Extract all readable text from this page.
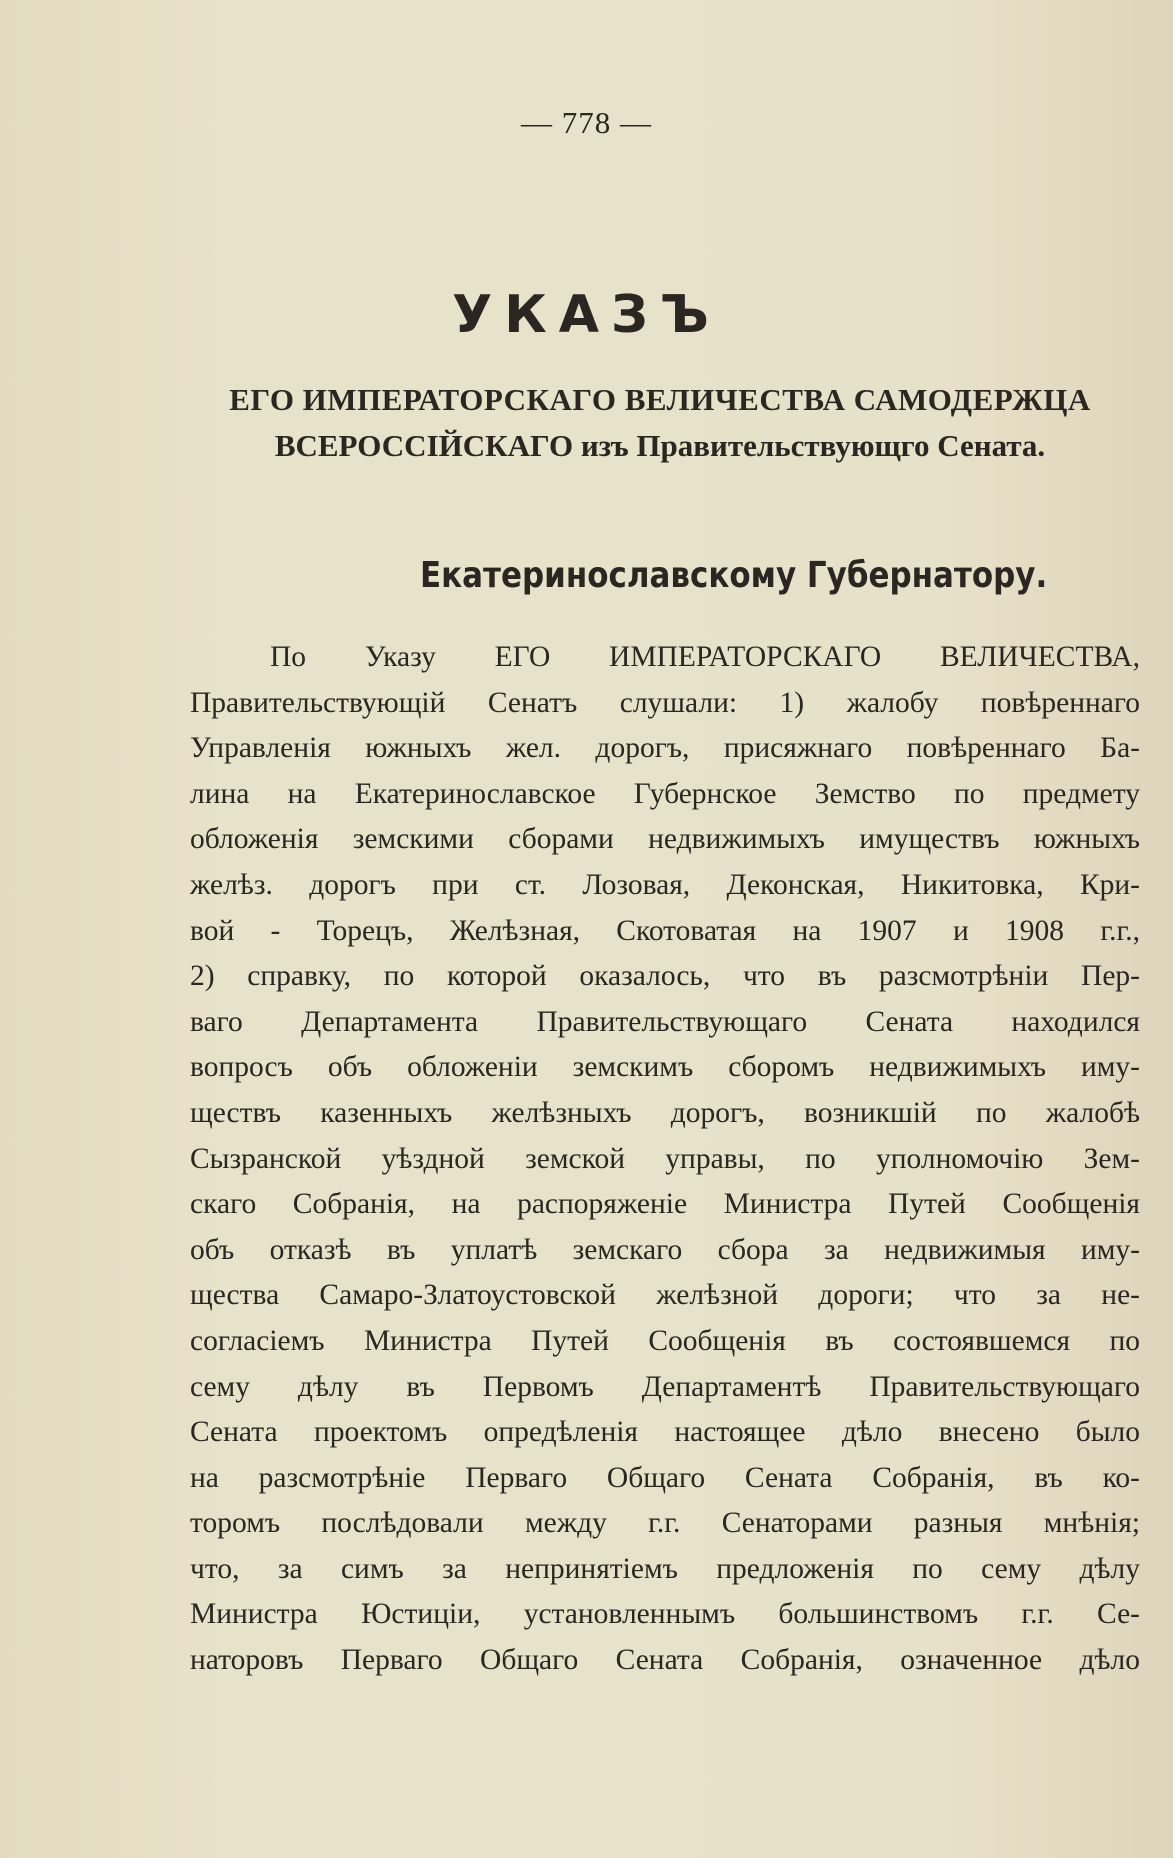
— 778 —
УКАЗЪ
ЕГО ИМПЕРАТОРСКАГО ВЕЛИЧЕСТВА САМОДЕРЖЦА
ВСЕРОССІЙСКАГО изъ Правительствующго Сената.
Екатеринославскому Губернатору.
По Указу ЕГО ИМПЕРАТОРСКАГО ВЕЛИЧЕСТВА,
Правительствующій Сенатъ слушали: 1) жалобу повѣреннаго
Управленія южныхъ жел. дорогъ, присяжнаго повѣреннаго Ба-
лина на Екатеринославское Губернское Земство по предмету
обложенія земскими сборами недвижимыхъ имуществъ южныхъ
желѣз. дорогъ при ст. Лозовая, Деконская, Никитовка, Кри-
вой - Торецъ, Желѣзная, Скотоватая на 1907 и 1908 г.г.,
2) справку, по которой оказалось, что въ разсмотрѣніи Пер-
ваго Департамента Правительствующаго Сената находился
вопросъ объ обложеніи земскимъ сборомъ недвижимыхъ иму-
ществъ казенныхъ желѣзныхъ дорогъ, возникшій по жалобѣ
Сызранской уѣздной земской управы, по уполномочію Зем-
скаго Собранія, на распоряженіе Министра Путей Сообщенія
объ отказѣ въ уплатѣ земскаго сбора за недвижимыя иму-
щества Самаро-Златоустовской желѣзной дороги; что за не-
согласіемъ Министра Путей Сообщенія въ состоявшемся по
сему дѣлу въ Первомъ Департаментѣ Правительствующаго
Сената проектомъ опредѣленія настоящее дѣло внесено было
на разсмотрѣніе Перваго Общаго Сената Собранія, въ ко-
торомъ послѣдовали между г.г. Сенаторами разныя мнѣнія;
что, за симъ за непринятіемъ предложенія по сему дѣлу
Министра Юстиціи, установленнымъ большинствомъ г.г. Се-
наторовъ Перваго Общаго Сената Собранія, означенное дѣло
